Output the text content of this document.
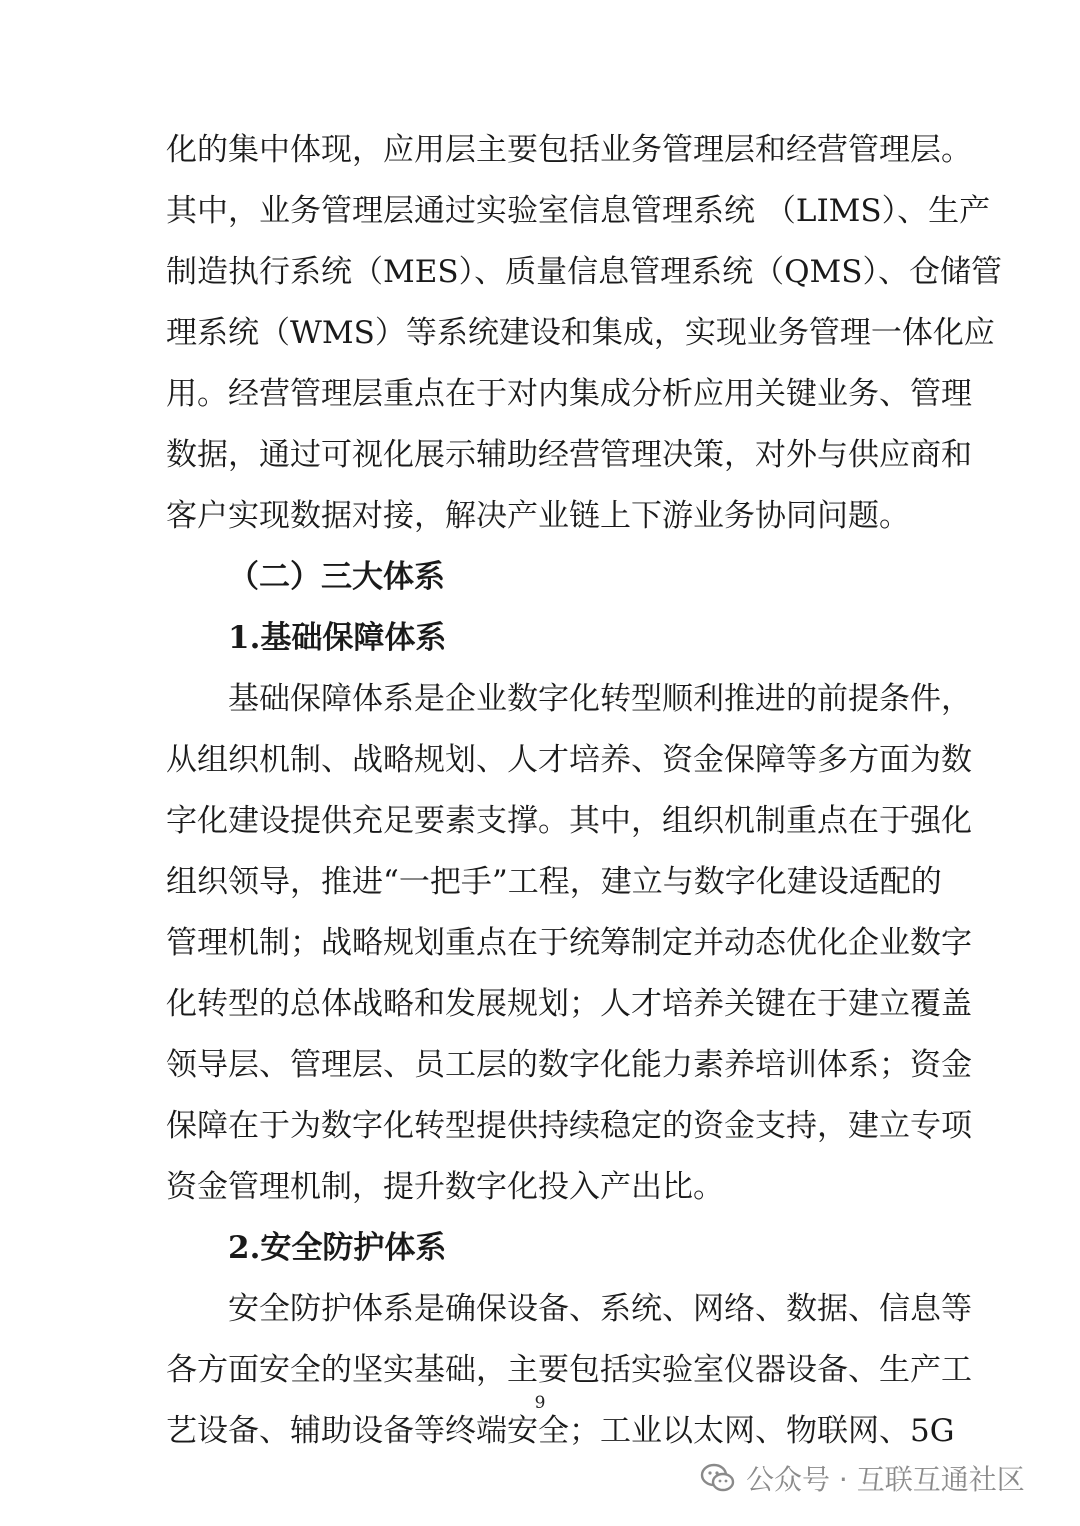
化的集中体现，应用层主要包括业务管理层和经营管理层。
其中，业务管理层通过实验室信息管理系统 （LIMS）、生产
制造执行系统（MES）、质量信息管理系统（QMS）、仓储管
理系统（WMS）等系统建设和集成，实现业务管理一体化应
用。经营管理层重点在于对内集成分析应用关键业务、管理
数据，通过可视化展示辅助经营管理决策，对外与供应商和
客户实现数据对接，解决产业链上下游业务协同问题。
（二）三大体系
1.基础保障体系
基础保障体系是企业数字化转型顺利推进的前提条件，
从组织机制、战略规划、人才培养、资金保障等多方面为数
字化建设提供充足要素支撑。其中，组织机制重点在于强化
组织领导，推进“一把手”工程，建立与数字化建设适配的
管理机制；战略规划重点在于统筹制定并动态优化企业数字
化转型的总体战略和发展规划；人才培养关键在于建立覆盖
领导层、管理层、员工层的数字化能力素养培训体系；资金
保障在于为数字化转型提供持续稳定的资金支持，建立专项
资金管理机制，提升数字化投入产出比。
2.安全防护体系
安全防护体系是确保设备、系统、网络、数据、信息等
各方面安全的坚实基础，主要包括实验室仪器设备、生产工
艺设备、辅助设备等终端安全；工业以太网、物联网、5G
9
公众号 · 互联互通社区
